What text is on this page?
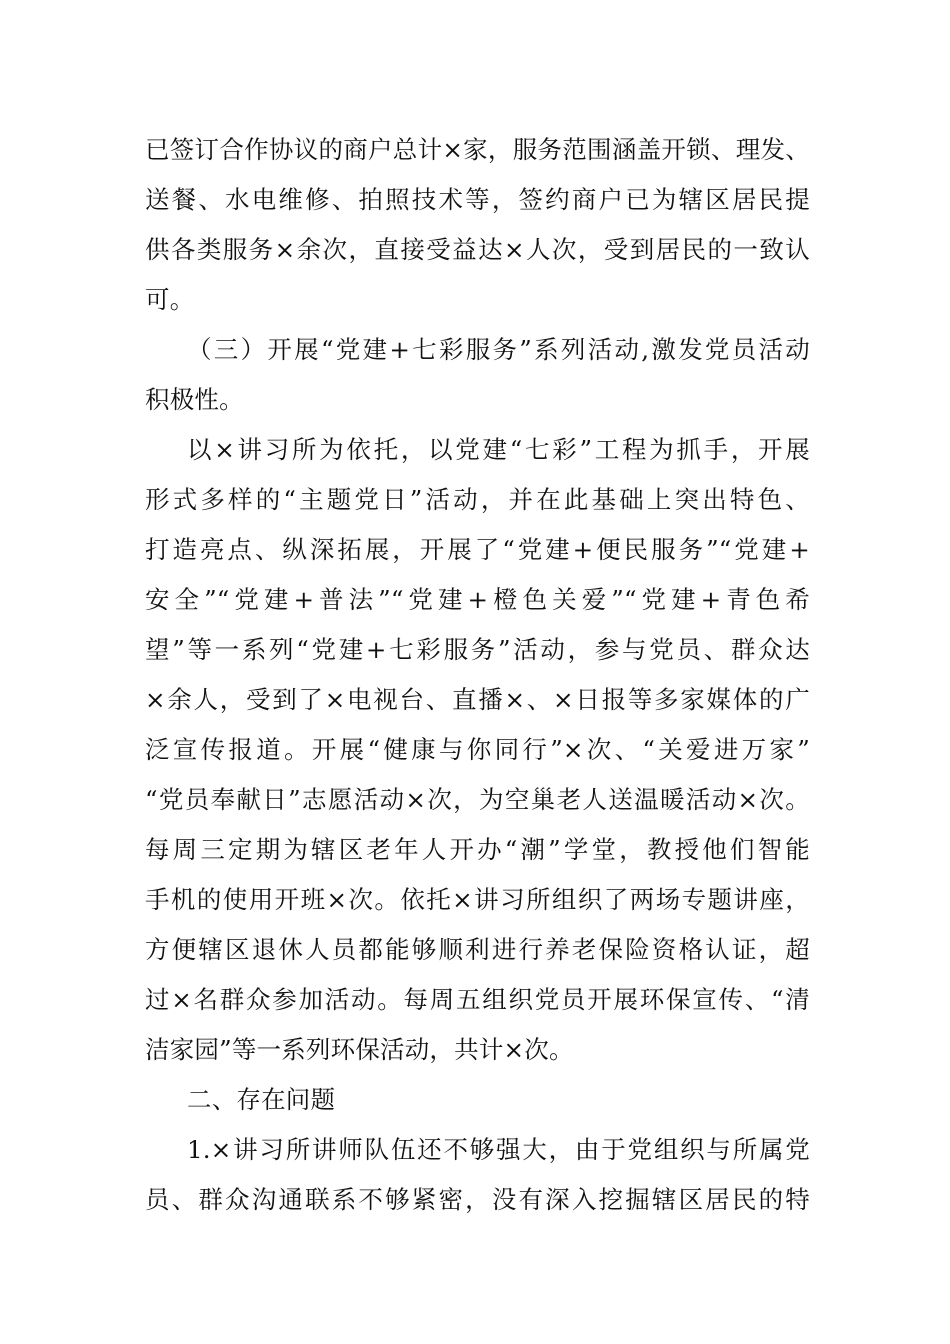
已签订合作协议的商户总计×家，服务范围涵盖开锁、理发、
送餐、水电维修、拍照技术等，签约商户已为辖区居民提
供各类服务×余次，直接受益达×人次，受到居民的一致认
可。
（三）开展“党建+七彩服务”系列活动,激发党员活动
积极性。
以×讲习所为依托，以党建“七彩”工程为抓手，开展
形式多样的“主题党日”活动，并在此基础上突出特色、
打造亮点、纵深拓展，开展了“党建+便民服务”“党建+
安全”“党建+普法”“党建+橙色关爱”“党建+青色希
望”等一系列“党建+七彩服务”活动，参与党员、群众达
×余人，受到了×电视台、直播×、×日报等多家媒体的广
泛宣传报道。开展“健康与你同行”×次、“关爱进万家”
“党员奉献日”志愿活动×次，为空巢老人送温暖活动×次。
每周三定期为辖区老年人开办“潮”学堂，教授他们智能
手机的使用开班×次。依托×讲习所组织了两场专题讲座，
方便辖区退休人员都能够顺利进行养老保险资格认证，超
过×名群众参加活动。每周五组织党员开展环保宣传、“清
洁家园”等一系列环保活动，共计×次。
二、存在问题
1.×讲习所讲师队伍还不够强大，由于党组织与所属党
员、群众沟通联系不够紧密，没有深入挖掘辖区居民的特
